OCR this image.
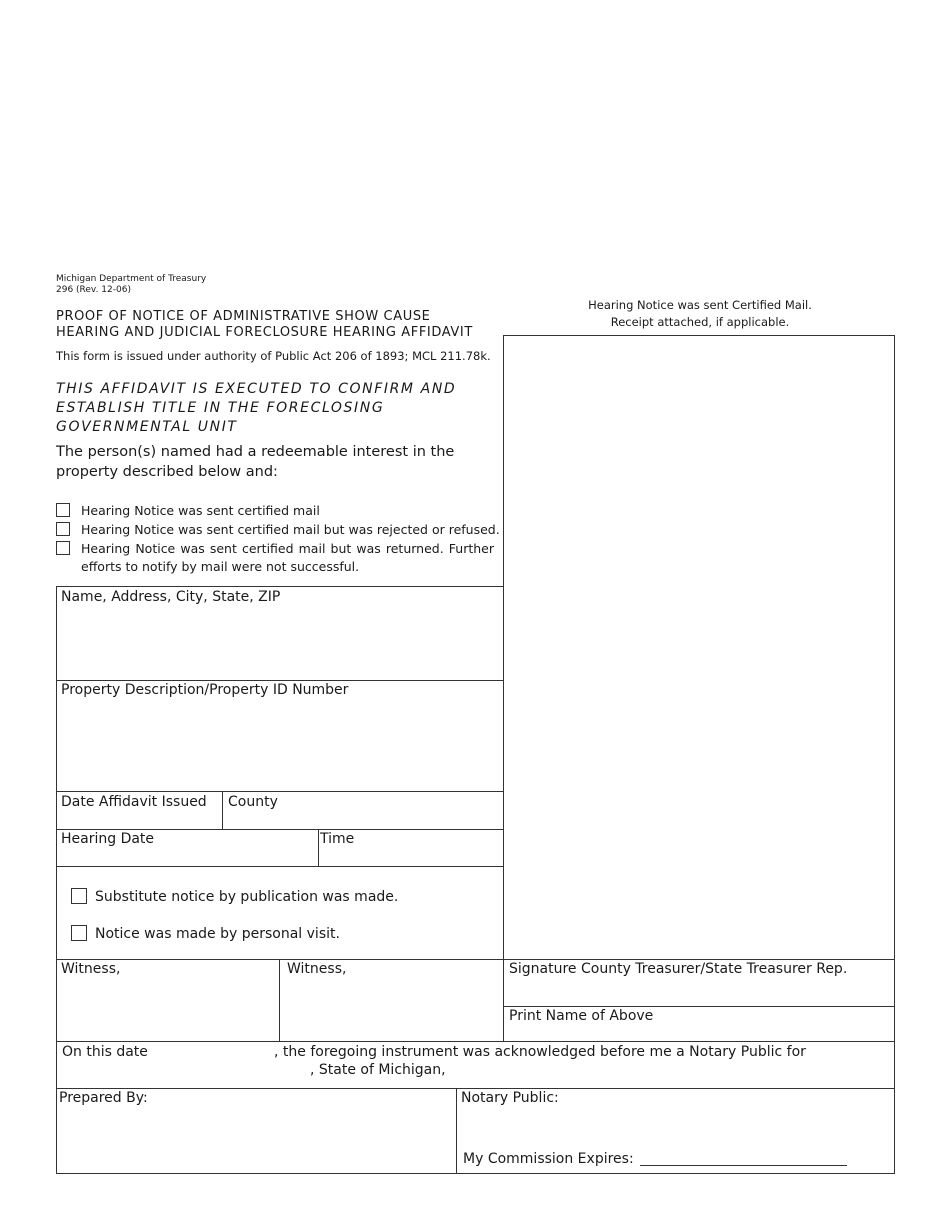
Michigan Department of Treasury
296 (Rev. 12-06)
PROOF OF NOTICE OF ADMINISTRATIVE SHOW CAUSE
HEARING AND JUDICIAL FORECLOSURE HEARING AFFIDAVIT
This form is issued under authority of Public Act 206 of 1893; MCL 211.78k.
THIS AFFIDAVIT IS EXECUTED TO CONFIRM AND
ESTABLISH TITLE IN THE FORECLOSING
GOVERNMENTAL UNIT
The person(s) named had a redeemable interest in the
property described below and:
Hearing Notice was sent certified mail
Hearing Notice was sent certified mail but was rejected or refused.
Hearing Notice was sent certified mail but was returned. Further efforts to notify by mail were not successful.
Hearing Notice was sent Certified Mail.
Receipt attached, if applicable.
Name, Address, City, State, ZIP
Property Description/Property ID Number
Date Affidavit Issued County
Hearing Date	Time
Substitute notice by publication was made.
Notice was made by personal visit.
Witness,	Witness,	Signature County Treasurer/State Treasurer Rep.
Print Name of Above
On this date	, the foregoing instrument was acknowledged before me a Notary Public for
, State of Michigan,
Prepared By:	Notary Public:
My Commission Expires:
